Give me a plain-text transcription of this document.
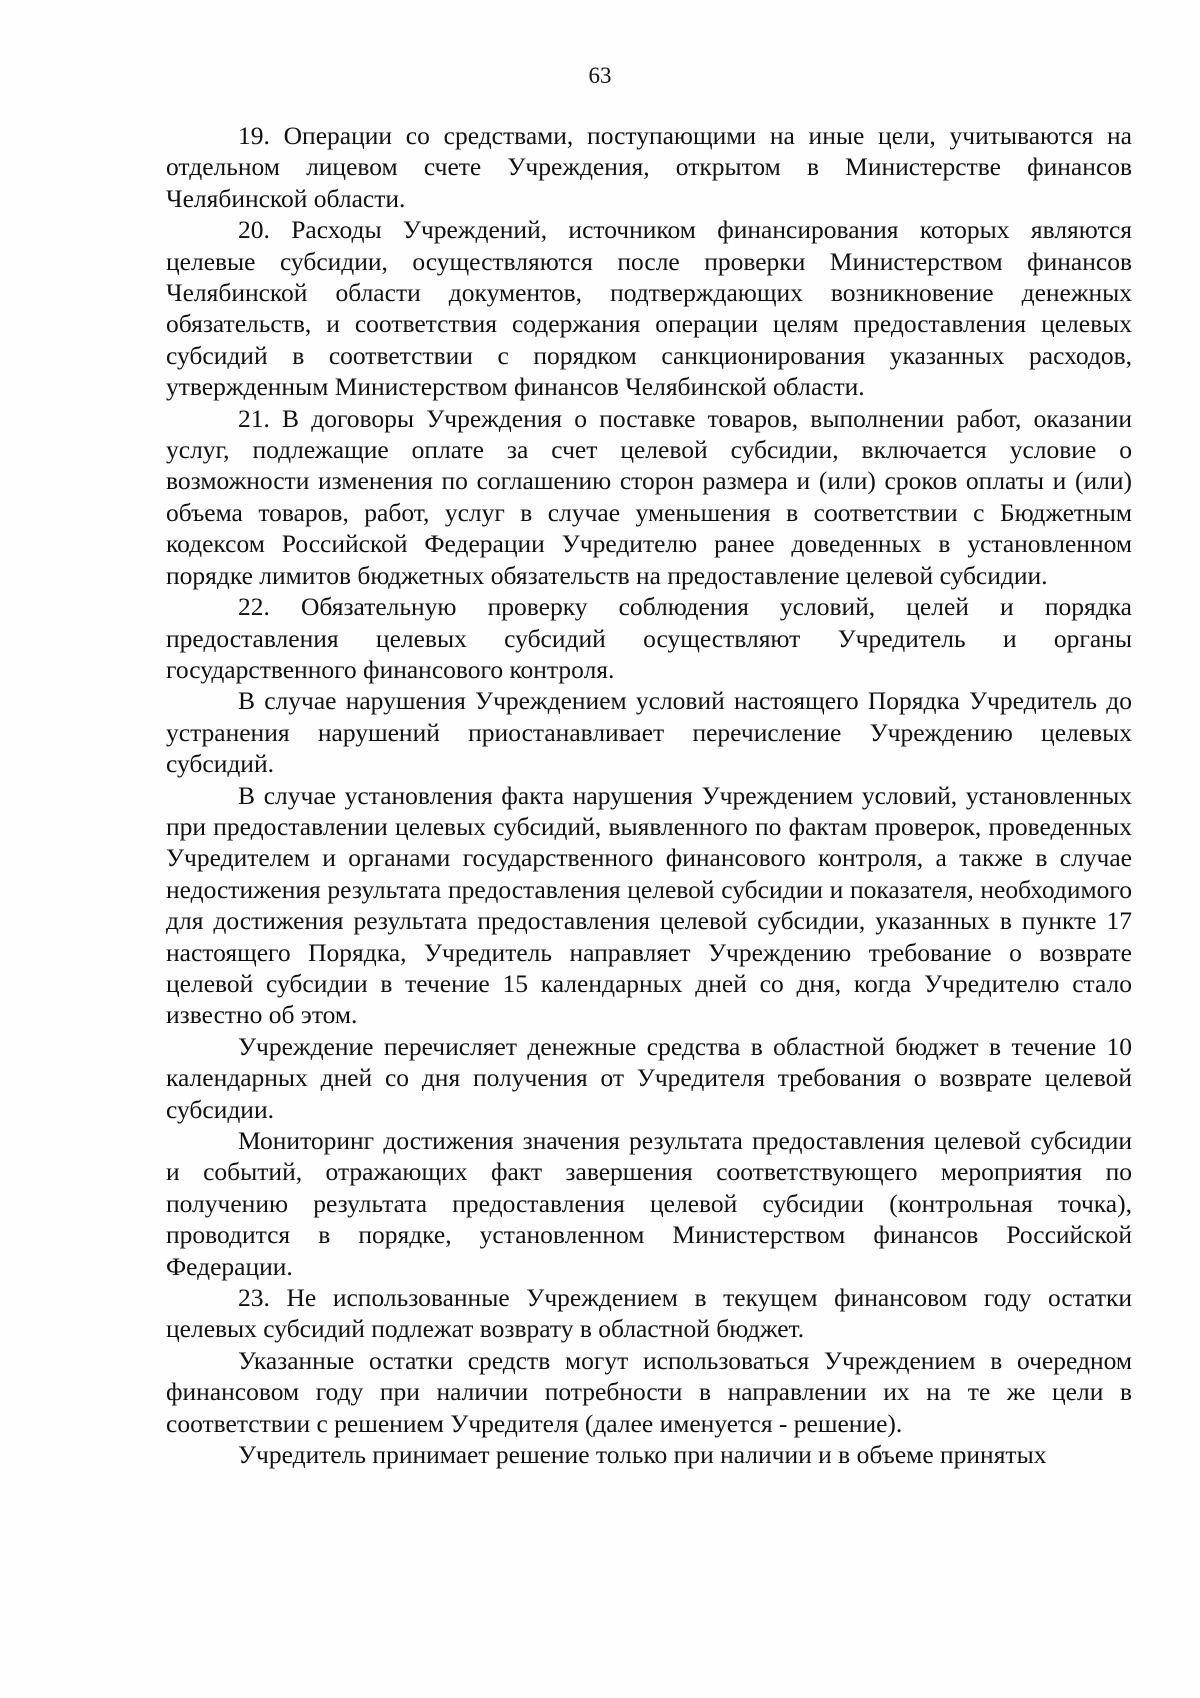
63

19. Операции со средствами, поступающими на иные цели, учитываются на отдельном лицевом счете Учреждения, открытом в Министерстве финансов Челябинской области.

20. Расходы Учреждений, источником финансирования которых являются целевые субсидии, осуществляются после проверки Министерством финансов Челябинской области документов, подтверждающих возникновение денежных обязательств, и соответствия содержания операции целям предоставления целевых субсидий в соответствии с порядком санкционирования указанных расходов, утвержденным Министерством финансов Челябинской области.

21. В договоры Учреждения о поставке товаров, выполнении работ, оказании услуг, подлежащие оплате за счет целевой субсидии, включается условие о возможности изменения по соглашению сторон размера и (или) сроков оплаты и (или) объема товаров, работ, услуг в случае уменьшения в соответствии с Бюджетным кодексом Российской Федерации Учредителю ранее доведенных в установленном порядке лимитов бюджетных обязательств на предоставление целевой субсидии.

22. Обязательную проверку соблюдения условий, целей и порядка предоставления целевых субсидий осуществляют Учредитель и органы государственного финансового контроля.

В случае нарушения Учреждением условий настоящего Порядка Учредитель до устранения нарушений приостанавливает перечисление Учреждению целевых субсидий.

В случае установления факта нарушения Учреждением условий, установленных при предоставлении целевых субсидий, выявленного по фактам проверок, проведенных Учредителем и органами государственного финансового контроля, а также в случае недостижения результата предоставления целевой субсидии и показателя, необходимого для достижения результата предоставления целевой субсидии, указанных в пункте 17 настоящего Порядка, Учредитель направляет Учреждению требование о возврате целевой субсидии в течение 15 календарных дней со дня, когда Учредителю стало известно об этом.

Учреждение перечисляет денежные средства в областной бюджет в течение 10 календарных дней со дня получения от Учредителя требования о возврате целевой субсидии.

Мониторинг достижения значения результата предоставления целевой субсидии и событий, отражающих факт завершения соответствующего мероприятия по получению результата предоставления целевой субсидии (контрольная точка), проводится в порядке, установленном Министерством финансов Российской Федерации.

23. Не использованные Учреждением в текущем финансовом году остатки целевых субсидий подлежат возврату в областной бюджет.

Указанные остатки средств могут использоваться Учреждением в очередном финансовом году при наличии потребности в направлении их на те же цели в соответствии с решением Учредителя (далее именуется - решение).

Учредитель принимает решение только при наличии и в объеме принятых
